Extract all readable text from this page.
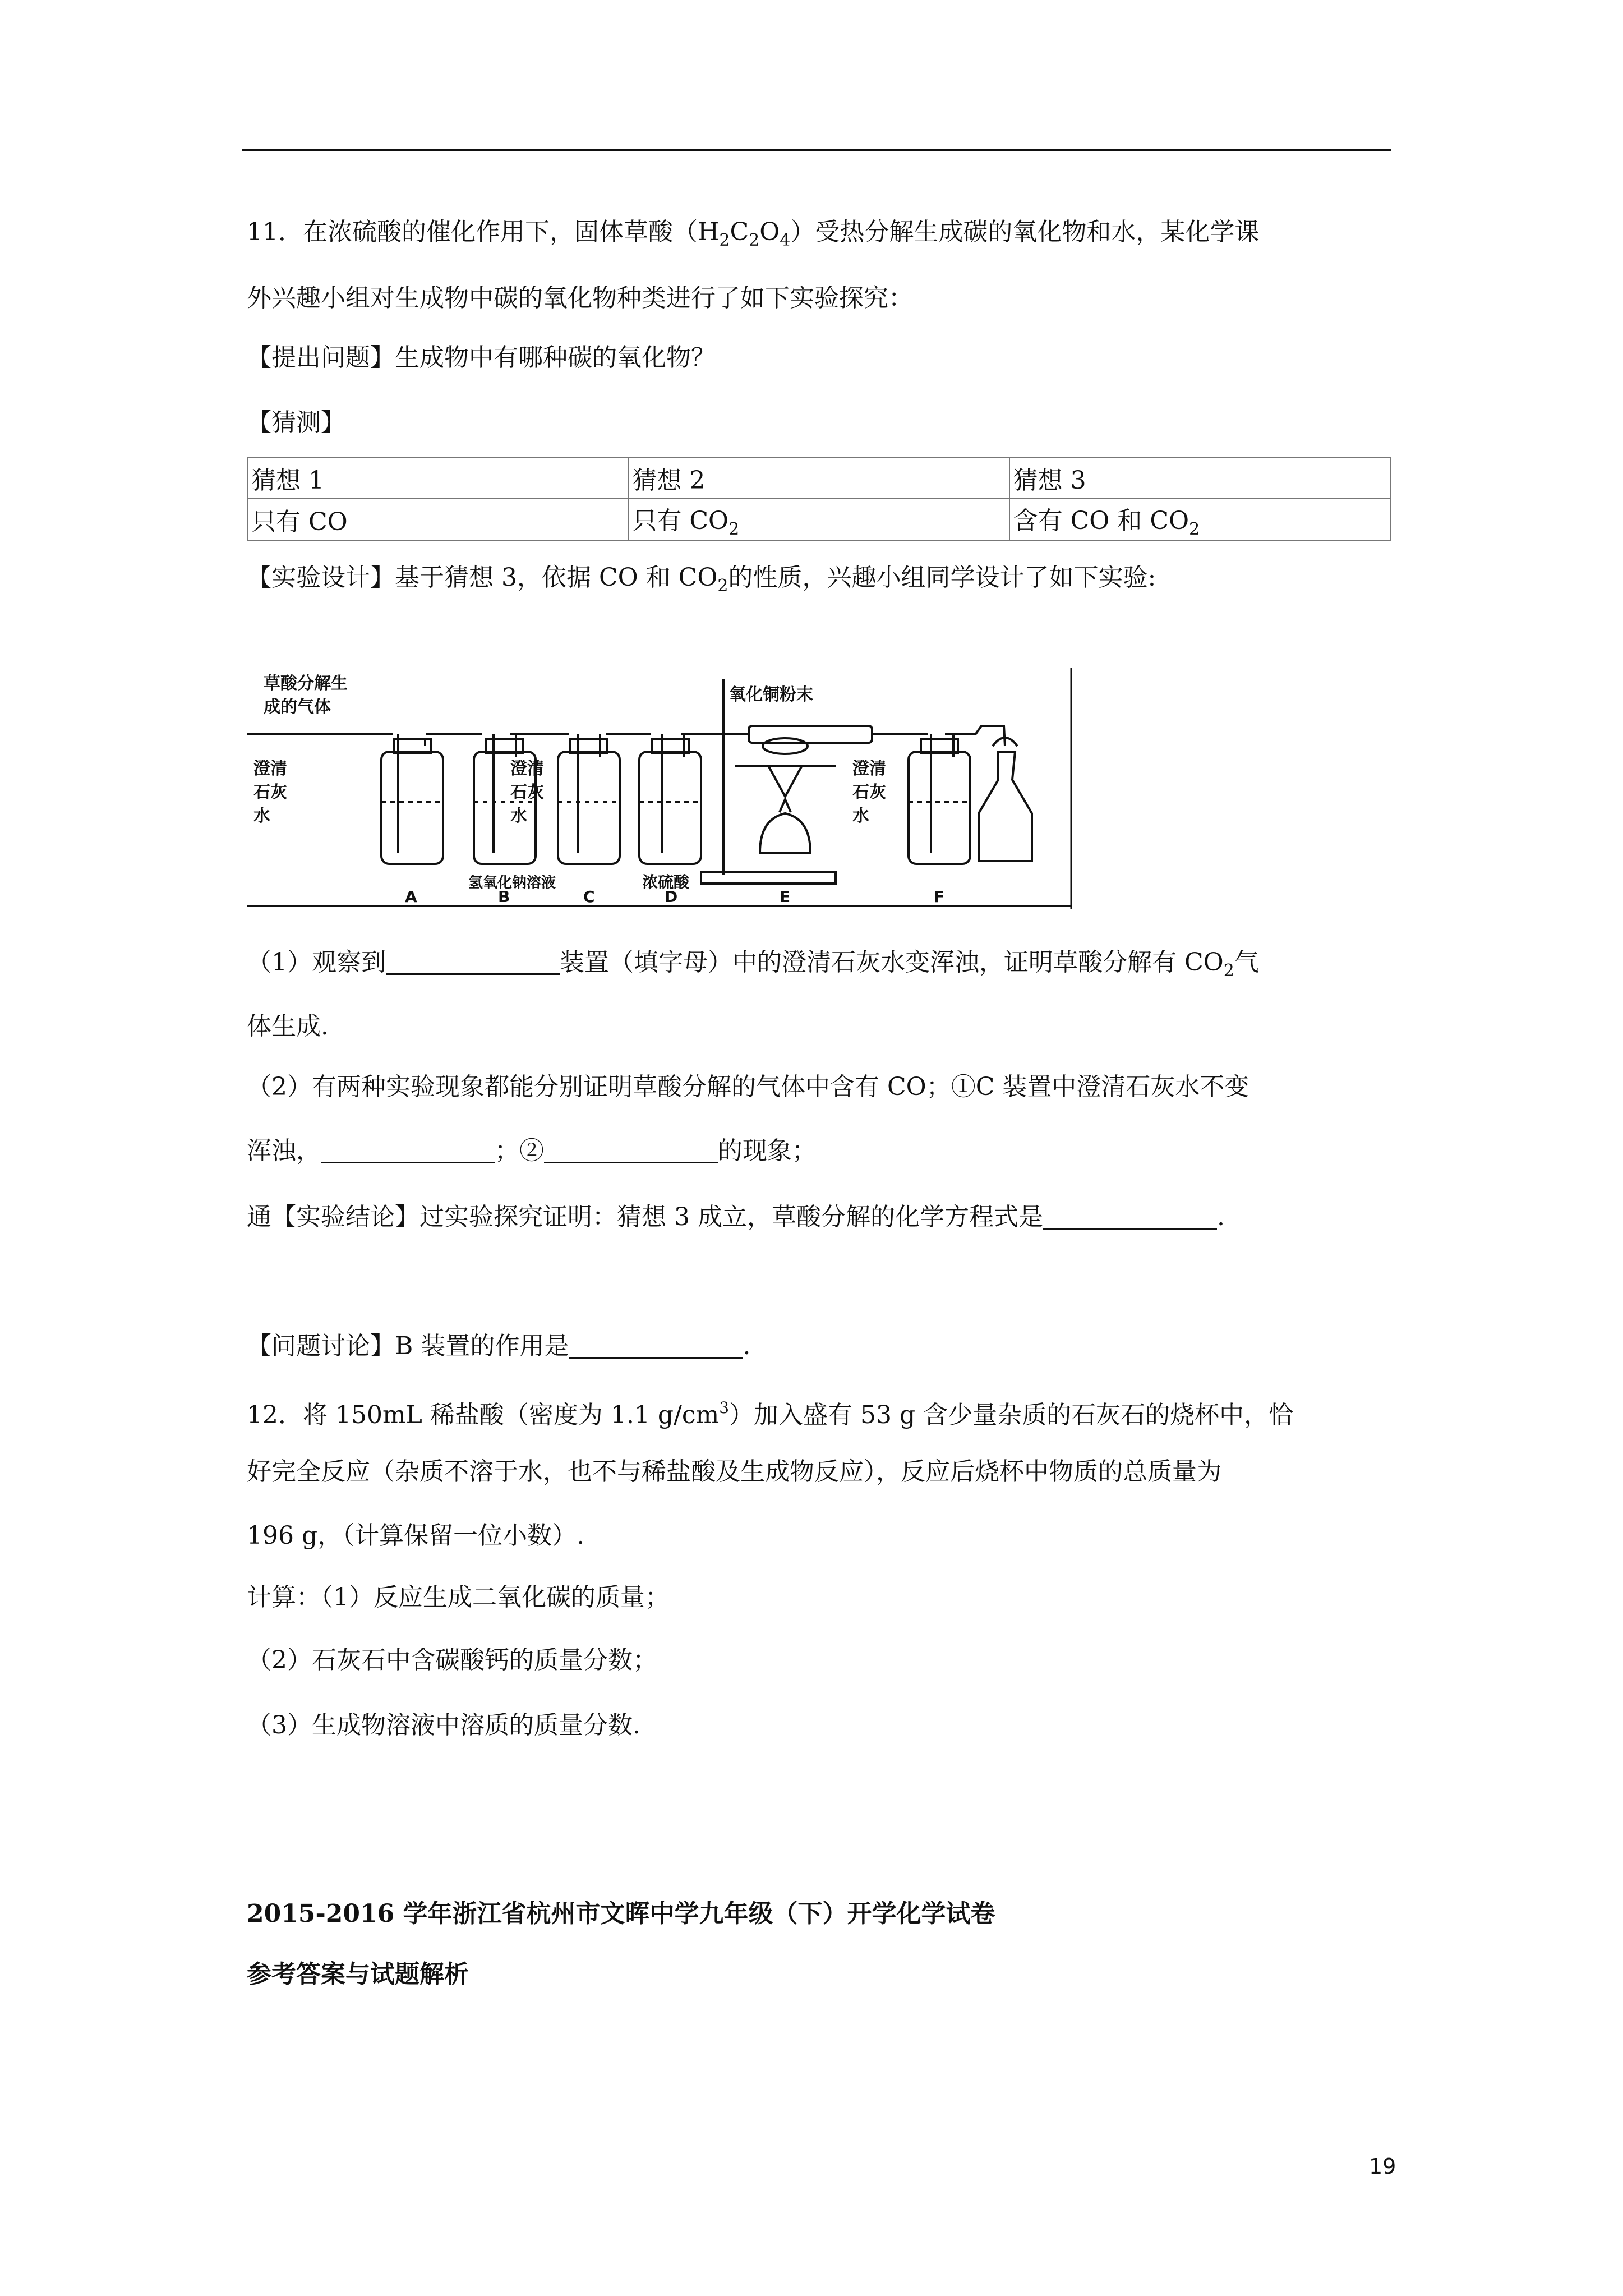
11．在浓硫酸的催化作用下，固体草酸$(H_2C_2O_4)$受热分解生成碳的氧化物和水，某化学课
外兴趣小组对生成物中碳的氧化物种类进行了如下实验探究：
【提出问题】生成物中有哪种碳的氧化物？
【猜测】
猜想 1	猜想 2	猜想 3
只有 CO	只有 $CO_2$	含有 CO 和 $CO_2$
【实验设计】基于猜想 3，依据 CO 和 $CO_2$的性质，兴趣小组同学设计了如下实验:
草酸分解生
成的气体
澄清
石灰
水
氢氧化钠溶液
澄清
石灰
水
浓硫酸
氧化铜粉末
澄清
石灰
水
A	B	C	D	E	F
（1）观察到	装置（填字母）中的澄清石灰水变浑浊，证明草酸分解有 $CO_2$气
体生成.
（2）有两种实验现象都能分别证明草酸分解的气体中含有 CO；①C 装置中澄清石灰水不变
浑浊，	；②	的现象；
通【实验结论】过实验探究证明：猜想 3 成立，草酸分解的化学方程式是	.
【问题讨论】B 装置的作用是	.
12．将 150mL 稀盐酸（密度为 1.1 $g/cm^3$）加入盛有 53 g 含少量杂质的石灰石的烧杯中，恰
好完全反应（杂质不溶于水，也不与稀盐酸及生成物反应），反应后烧杯中物质的总质量为
196 g，（计算保留一位小数）.
计算：（1）反应生成二氧化碳的质量；
（2）石灰石中含碳酸钙的质量分数；
（3）生成物溶液中溶质的质量分数.
2015-2016 学年浙江省杭州市文晖中学九年级（下）开学化学试卷
参考答案与试题解析
19
